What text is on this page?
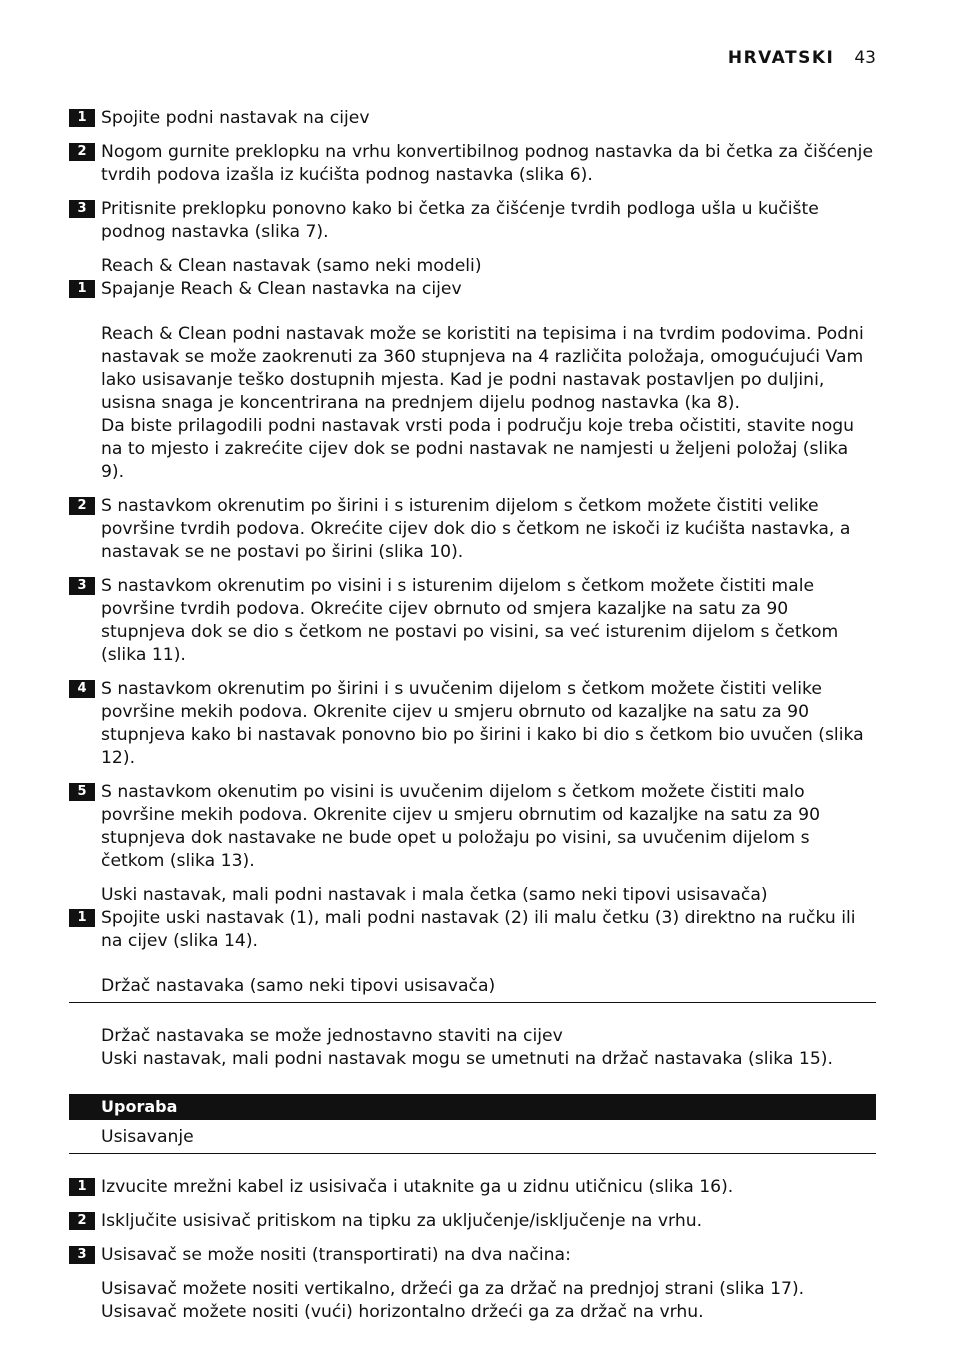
HRVATSKI 43
1 Spojite podni nastavak na cijev
2 Nogom gurnite preklopku na vrhu konvertibilnog podnog nastavka da bi četka za čišćenje tvrdih podova izašla iz kućišta podnog nastavka (slika 6).
3 Pritisnite preklopku ponovno kako bi četka za čišćenje tvrdih podloga ušla u kučište podnog nastavka (slika 7).
Reach & Clean nastavak (samo neki modeli)
1 Spajanje Reach & Clean nastavka na cijev
Reach & Clean podni nastavak može se koristiti na tepisima i na tvrdim podovima. Podni nastavak se može zaokrenuti za 360 stupnjeva na 4 različita položaja, omogućujući Vam lako usisavanje teško dostupnih mjesta. Kad je podni nastavak postavljen po duljini, usisna snaga je koncentrirana na prednjem dijelu podnog nastavka (ka 8).
Da biste prilagodili podni nastavak vrsti poda i području koje treba očistiti, stavite nogu na to mjesto i zakrećite cijev dok se podni nastavak ne namjesti u željeni položaj (slika 9).
2 S nastavkom okrenutim po širini i s isturenim dijelom s četkom možete čistiti velike površine tvrdih podova. Okrećite cijev dok dio s četkom ne iskoči iz kućišta nastavka, a nastavak se ne postavi po širini (slika 10).
3 S nastavkom okrenutim po visini i s isturenim dijelom s četkom možete čistiti male površine tvrdih podova. Okrećite cijev obrnuto od smjera kazaljke na satu za 90 stupnjeva dok se dio s četkom ne postavi po visini, sa već isturenim dijelom s četkom (slika 11).
4 S nastavkom okrenutim po širini i s uvučenim dijelom s četkom možete čistiti velike površine mekih podova. Okrenite cijev u smjeru obrnuto od kazaljke na satu za 90 stupnjeva kako bi nastavak ponovno bio po širini i kako bi dio s četkom bio uvučen (slika 12).
5 S nastavkom okenutim po visini is uvučenim dijelom s četkom možete čistiti malo površine mekih podova. Okrenite cijev u smjeru obrnutim od kazaljke na satu za 90 stupnjeva dok nastavake ne bude opet u položaju po visini, sa uvučenim dijelom s četkom (slika 13).
Uski nastavak, mali podni nastavak i mala četka (samo neki tipovi usisavača)
1 Spojite uski nastavak (1), mali podni nastavak (2) ili malu četku (3) direktno na ručku ili na cijev (slika 14).
Držač nastavaka (samo neki tipovi usisavača)
Držač nastavaka se može jednostavno staviti na cijev
Uski nastavak, mali podni nastavak mogu se umetnuti na držač nastavaka (slika 15).
Uporaba
Usisavanje
1 Izvucite mrežni kabel iz usisivača i utaknite ga u zidnu utičnicu (slika 16).
2 Isključite usisivač pritiskom na tipku za uključenje/isključenje na vrhu.
3 Usisavač se može nositi (transportirati) na dva načina:
Usisavač možete nositi vertikalno, držeći ga za držač na prednjoj strani (slika 17).
Usisavač možete nositi (vući) horizontalno držeći ga za držač na vrhu.
